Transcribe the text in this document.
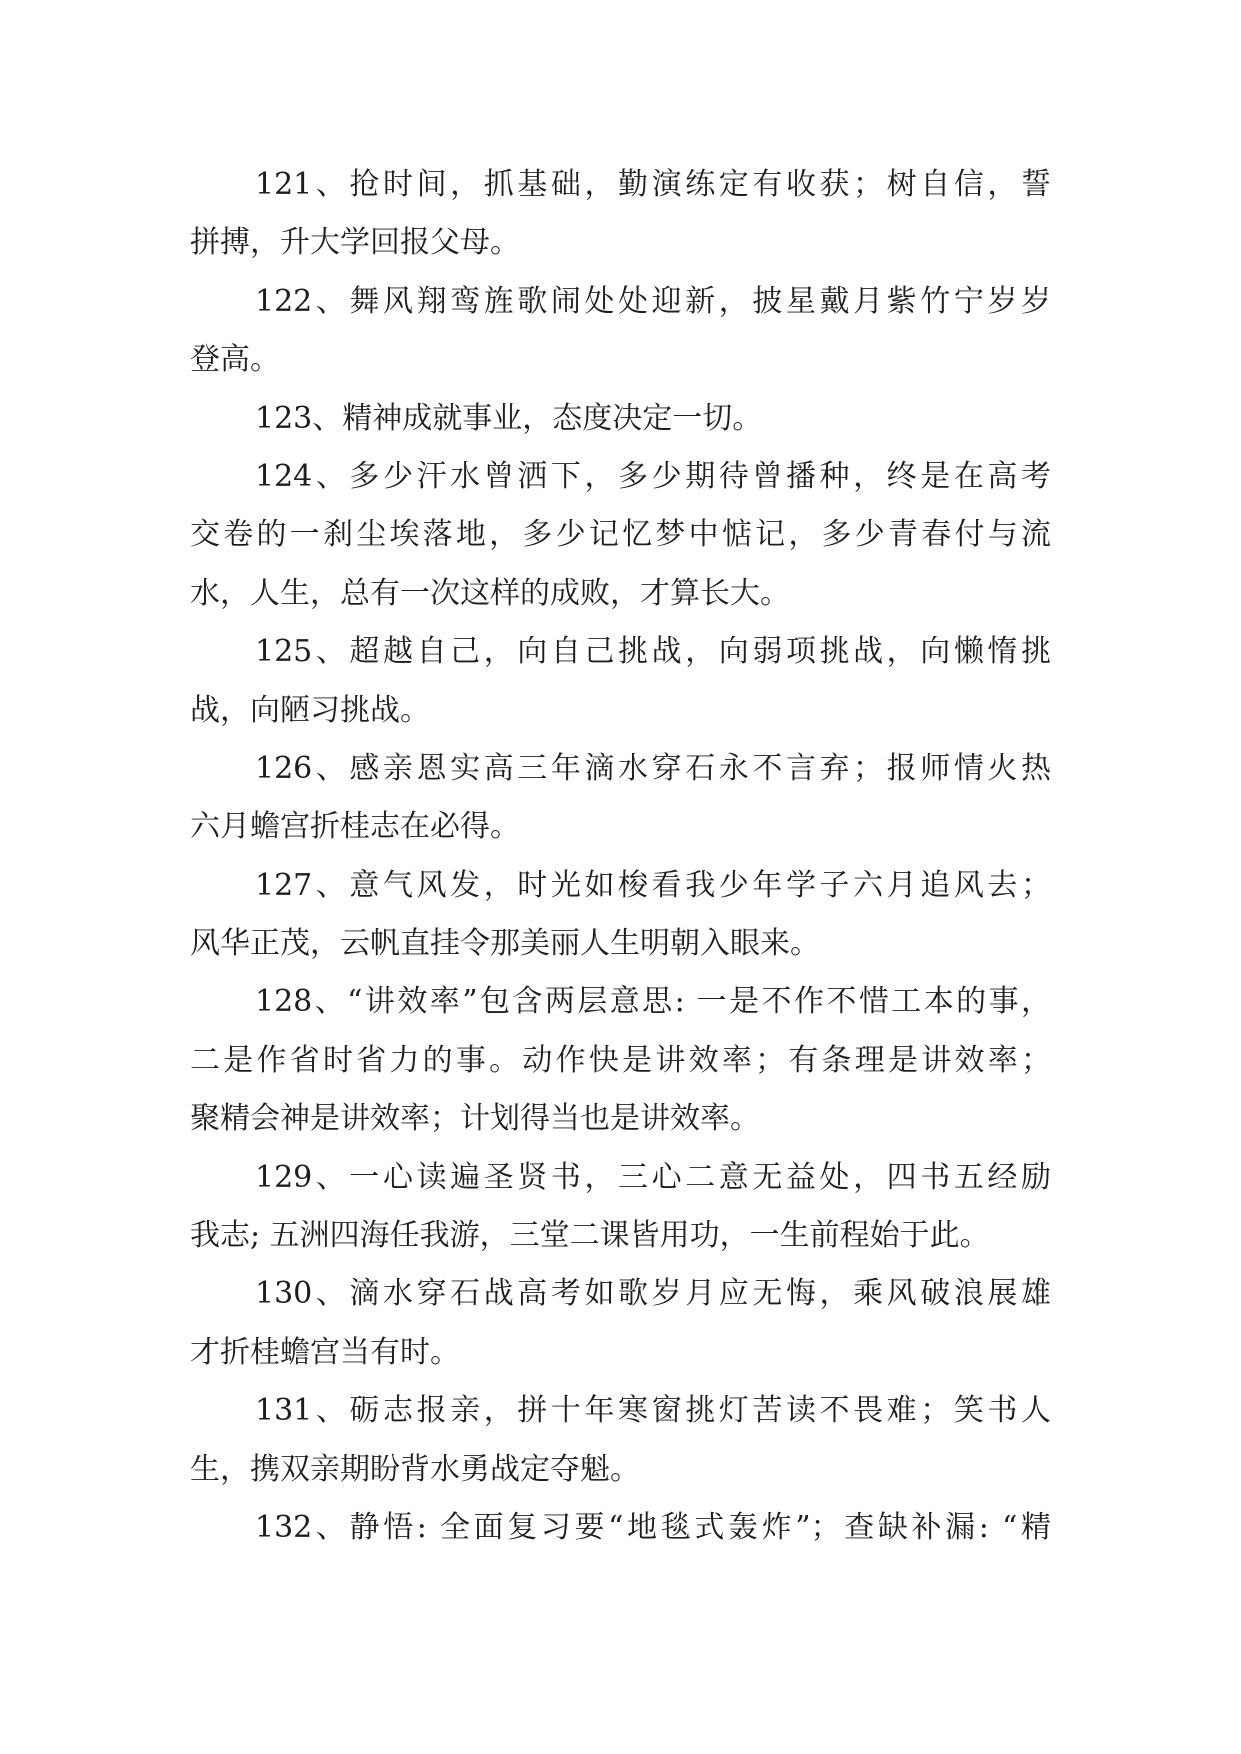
121、抢时间，抓基础，勤演练定有收获；树自信，誓
拼搏，升大学回报父母。
122、舞风翔鸾旌歌闹处处迎新，披星戴月紫竹宁岁岁
登高。
123、精神成就事业，态度决定一切。
124、多少汗水曾洒下，多少期待曾播种，终是在高考
交卷的一刹尘埃落地，多少记忆梦中惦记，多少青春付与流
水，人生，总有一次这样的成败，才算长大。
125、超越自己，向自己挑战，向弱项挑战，向懒惰挑
战，向陋习挑战。
126、感亲恩实高三年滴水穿石永不言弃；报师情火热
六月蟾宫折桂志在必得。
127、意气风发，时光如梭看我少年学子六月追风去；
风华正茂，云帆直挂令那美丽人生明朝入眼来。
128、“讲效率”包含两层意思: 一是不作不惜工本的事，
二是作省时省力的事。动作快是讲效率；有条理是讲效率；
聚精会神是讲效率；计划得当也是讲效率。
129、一心读遍圣贤书，三心二意无益处，四书五经励
我志; 五洲四海任我游，三堂二课皆用功，一生前程始于此。
130、滴水穿石战高考如歌岁月应无悔，乘风破浪展雄
才折桂蟾宫当有时。
131、砺志报亲，拼十年寒窗挑灯苦读不畏难；笑书人
生，携双亲期盼背水勇战定夺魁。
132、静悟: 全面复习要“地毯式轰炸”；查缺补漏: “精
